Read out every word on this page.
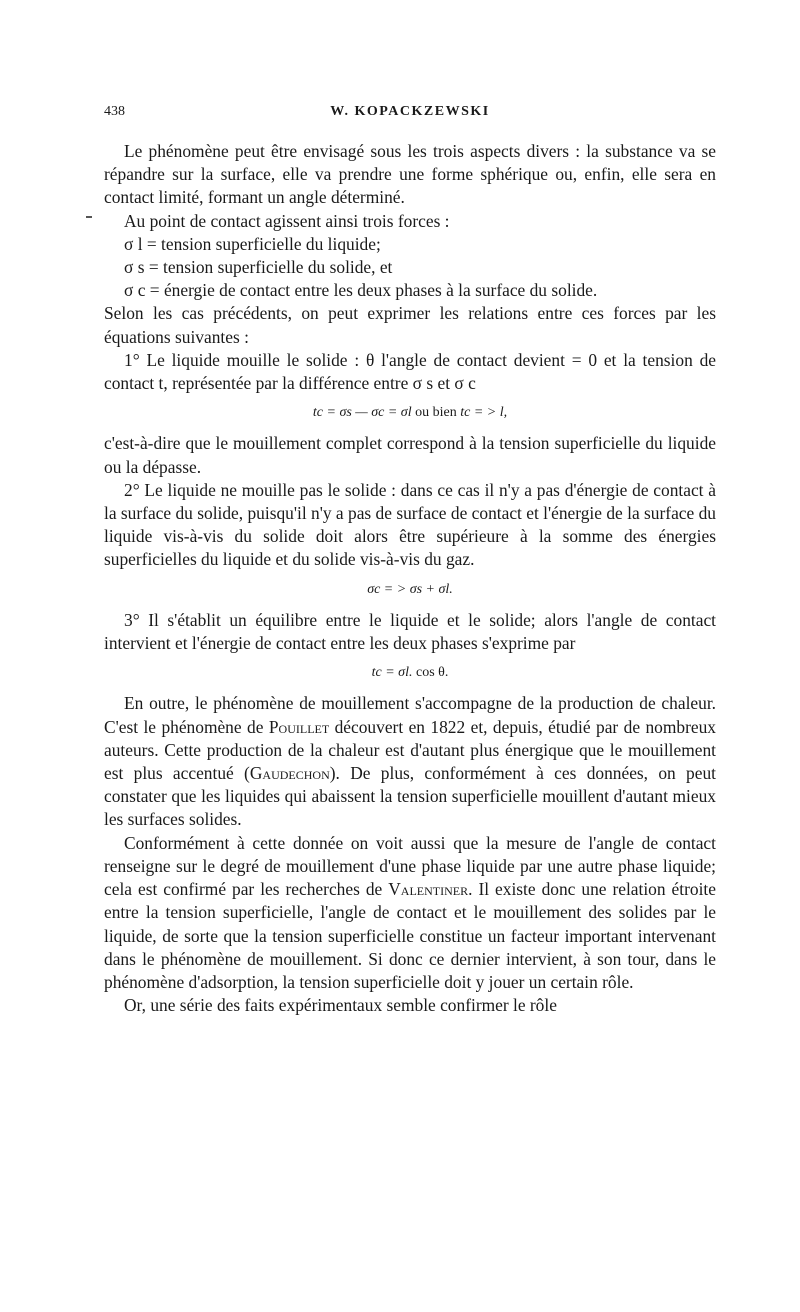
438	W. KOPACKZEWSKI

Le phénomène peut être envisagé sous les trois aspects divers : la substance va se répandre sur la surface, elle va prendre une forme sphérique ou, enfin, elle sera en contact limité, formant un angle déterminé.

Au point de contact agissent ainsi trois forces :

σ l = tension superficielle du liquide;

σ s = tension superficielle du solide, et

σ c = énergie de contact entre les deux phases à la surface du solide.

Selon les cas précédents, on peut exprimer les relations entre ces forces par les équations suivantes :

1° Le liquide mouille le solide : θ l'angle de contact devient = 0 et la tension de contact t, représentée par la différence entre σ s et σ c

tc = σs — σc = σl ou bien tc = > l,

c'est-à-dire que le mouillement complet correspond à la tension superficielle du liquide ou la dépasse.

2° Le liquide ne mouille pas le solide : dans ce cas il n'y a pas d'énergie de contact à la surface du solide, puisqu'il n'y a pas de surface de contact et l'énergie de la surface du liquide vis-à-vis du solide doit alors être supérieure à la somme des énergies superficielles du liquide et du solide vis-à-vis du gaz.

σc = > σs + σl.

3° Il s'établit un équilibre entre le liquide et le solide; alors l'angle de contact intervient et l'énergie de contact entre les deux phases s'exprime par

tc = σl. cos θ.

En outre, le phénomène de mouillement s'accompagne de la production de chaleur. C'est le phénomène de Pouillet découvert en 1822 et, depuis, étudié par de nombreux auteurs. Cette production de la chaleur est d'autant plus énergique que le mouillement est plus accentué (Gaudechon). De plus, conformément à ces données, on peut constater que les liquides qui abaissent la tension superficielle mouillent d'autant mieux les surfaces solides.

Conformément à cette donnée on voit aussi que la mesure de l'angle de contact renseigne sur le degré de mouillement d'une phase liquide par une autre phase liquide; cela est confirmé par les recherches de Valentiner. Il existe donc une relation étroite entre la tension superficielle, l'angle de contact et le mouillement des solides par le liquide, de sorte que la tension superficielle constitue un facteur important intervenant dans le phénomène de mouillement. Si donc ce dernier intervient, à son tour, dans le phénomène d'adsorption, la tension superficielle doit y jouer un certain rôle.

Or, une série des faits expérimentaux semble confirmer le rôle
